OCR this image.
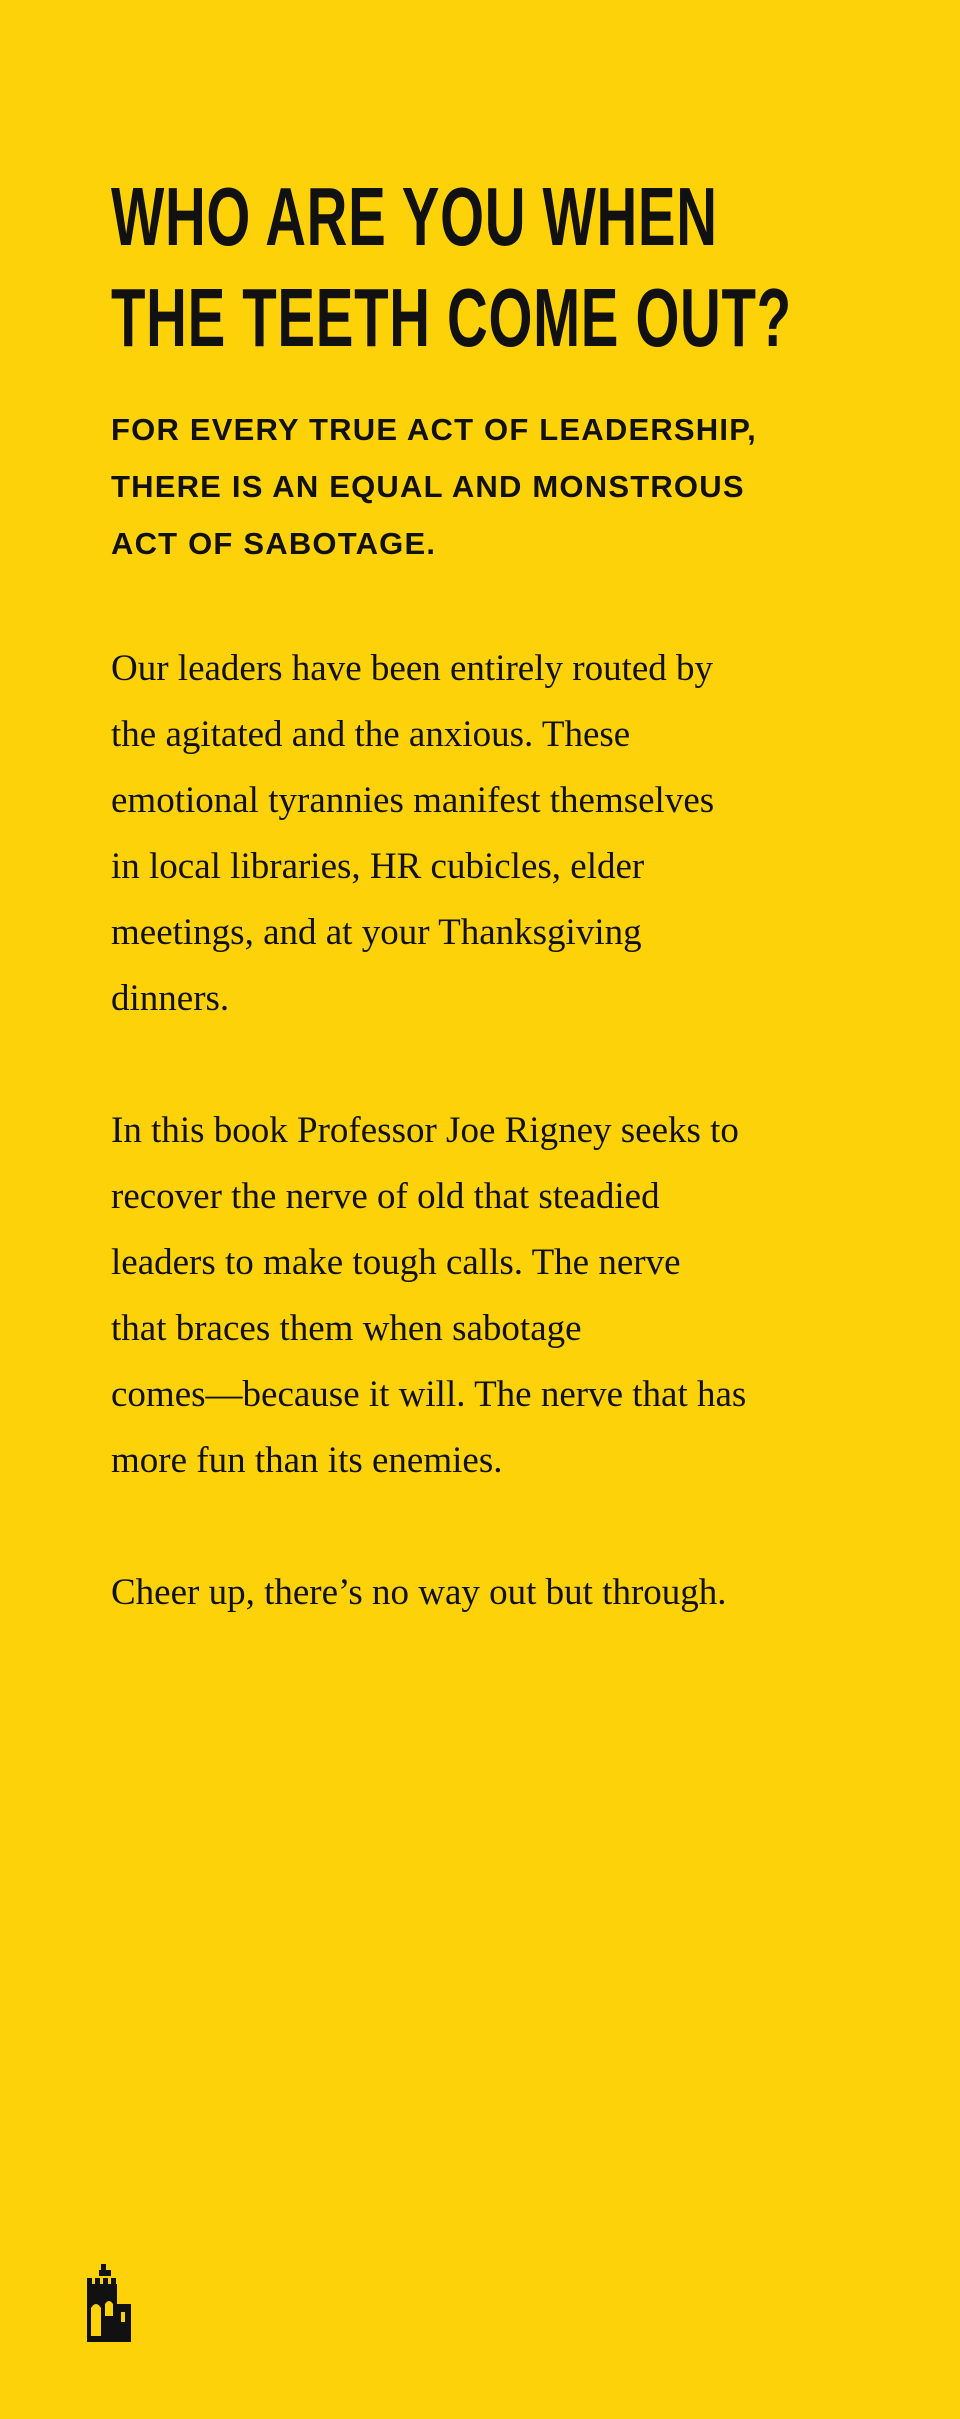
WHO ARE YOU WHEN
THE TEETH COME OUT?
FOR EVERY TRUE ACT OF LEADERSHIP,
THERE IS AN EQUAL AND MONSTROUS
ACT OF SABOTAGE.

Our leaders have been entirely routed by
the agitated and the anxious. These
emotional tyrannies manifest themselves
in local libraries, HR cubicles, elder
meetings, and at your Thanksgiving
dinners.

In this book Professor Joe Rigney seeks to
recover the nerve of old that steadied
leaders to make tough calls. The nerve
that braces them when sabotage
comes—because it will. The nerve that has
more fun than its enemies.

Cheer up, there’s no way out but through.
